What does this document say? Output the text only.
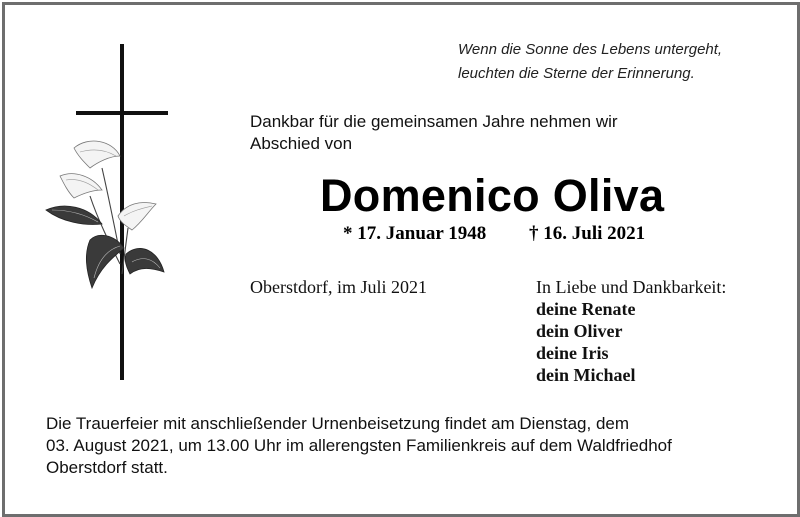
Wenn die Sonne des Lebens untergeht,
leuchten die Sterne der Erinnerung.
Dankbar für die gemeinsamen Jahre nehmen wir
Abschied von
Domenico Oliva
* 17. Januar 1948 † 16. Juli 2021
Oberstdorf, im Juli 2021	In Liebe und Dankbarkeit:
deine Renate
dein Oliver
deine Iris
dein Michael
Die Trauerfeier mit anschließender Urnenbeisetzung findet am Dienstag, dem
03. August 2021, um 13.00 Uhr im allerengsten Familienkreis auf dem Waldfriedhof
Oberstdorf statt.
